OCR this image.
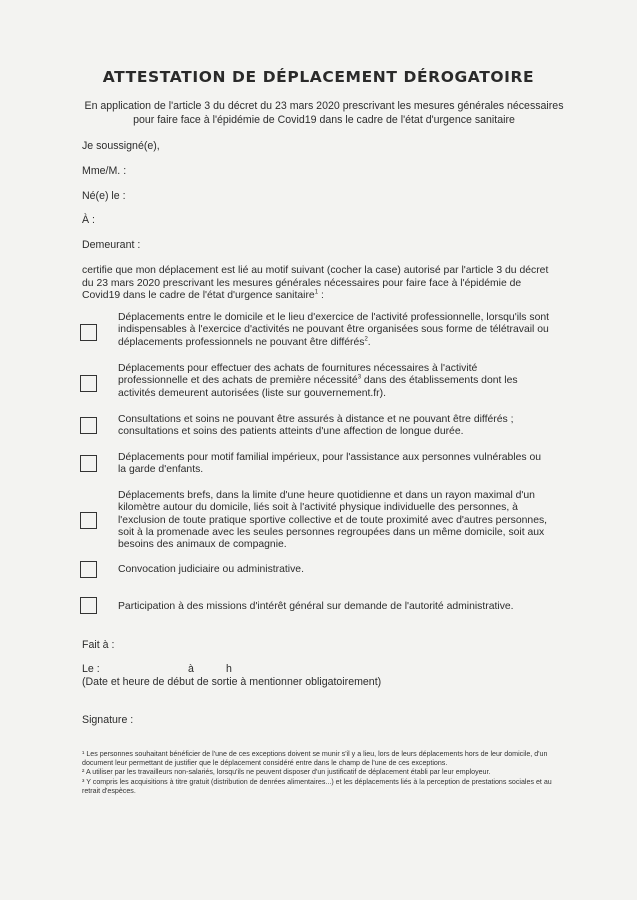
ATTESTATION DE DÉPLACEMENT DÉROGATOIRE
En application de l'article 3 du décret du 23 mars 2020 prescrivant les mesures générales nécessaires pour faire face à l'épidémie de Covid19 dans le cadre de l'état d'urgence sanitaire
Je soussigné(e),
Mme/M. :
Né(e) le :
À :
Demeurant :
certifie que mon déplacement est lié au motif suivant (cocher la case) autorisé par l'article 3 du décret du 23 mars 2020 prescrivant les mesures générales nécessaires pour faire face à l'épidémie de Covid19 dans le cadre de l'état d'urgence sanitaire$^1$ :
Déplacements entre le domicile et le lieu d'exercice de l'activité professionnelle, lorsqu'ils sont indispensables à l'exercice d'activités ne pouvant être organisées sous forme de télétravail ou déplacements professionnels ne pouvant être différés$^2$.
Déplacements pour effectuer des achats de fournitures nécessaires à l'activité professionnelle et des achats de première nécessité$^3$ dans des établissements dont les activités demeurent autorisées (liste sur gouvernement.fr).
Consultations et soins ne pouvant être assurés à distance et ne pouvant être différés ; consultations et soins des patients atteints d'une affection de longue durée.
Déplacements pour motif familial impérieux, pour l'assistance aux personnes vulnérables ou la garde d'enfants.
Déplacements brefs, dans la limite d'une heure quotidienne et dans un rayon maximal d'un kilomètre autour du domicile, liés soit à l'activité physique individuelle des personnes, à l'exclusion de toute pratique sportive collective et de toute proximité avec d'autres personnes, soit à la promenade avec les seules personnes regroupées dans un même domicile, soit aux besoins des animaux de compagnie.
Convocation judiciaire ou administrative.
Participation à des missions d'intérêt général sur demande de l'autorité administrative.
Fait à :
Le :	à	h
(Date et heure de début de sortie à mentionner obligatoirement)
Signature :

¹ Les personnes souhaitant bénéficier de l'une de ces exceptions doivent se munir s'il y a lieu, lors de leurs déplacements hors de leur domicile, d'un document leur permettant de justifier que le déplacement considéré entre dans le champ de l'une de ces exceptions.

² A utiliser par les travailleurs non-salariés, lorsqu'ils ne peuvent disposer d'un justificatif de déplacement établi par leur employeur.

³ Y compris les acquisitions à titre gratuit (distribution de denrées alimentaires...) et les déplacements liés à la perception de prestations sociales et au retrait d'espèces.
